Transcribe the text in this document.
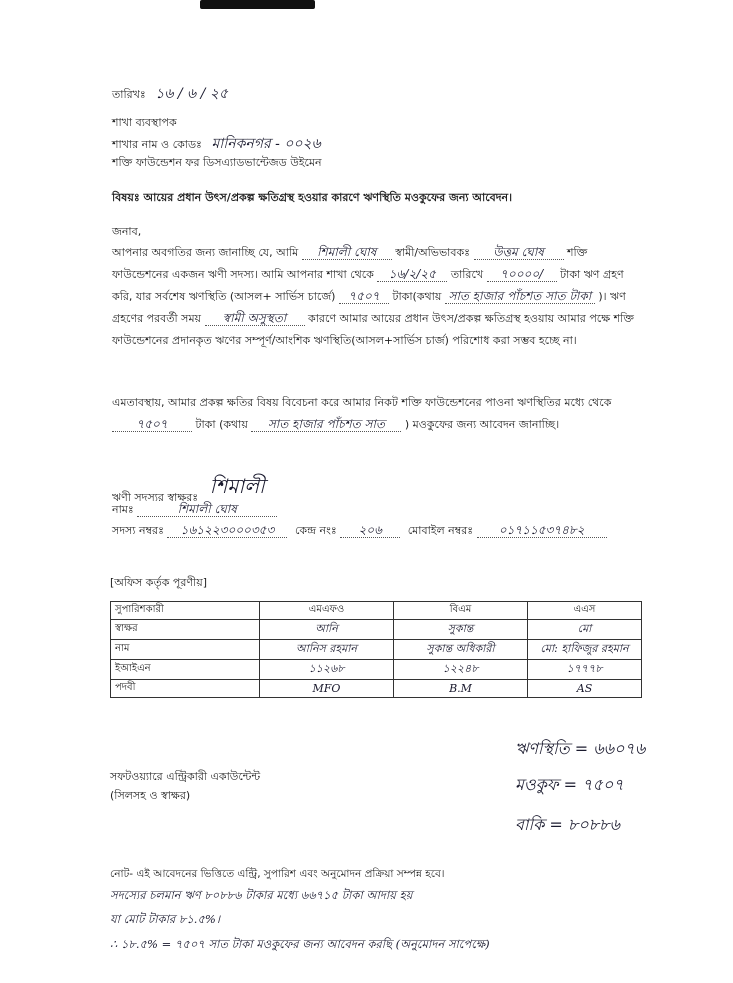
তারিখঃ ১৬ / ৬ / ২৫
শাখা ব্যবস্থাপক
শাখার নাম ও কোডঃ মানিকনগর - ০০২৬
শক্তি ফাউন্ডেশন ফর ডিসএ্যাডভান্টেজড উইমেন
বিষয়ঃ আয়ের প্রধান উৎস/প্রকল্প ক্ষতিগ্রস্থ হওয়ার কারণে ঋণস্থিতি মওকুফের জন্য আবেদন।
জনাব,
আপনার অবগতির জন্য জানাচ্ছি যে, আমি শিমালী ঘোষ স্বামী/অভিভাবকঃ উত্তম ঘোষ শক্তি ফাউন্ডেশনের একজন ঋণী সদস্য। আমি আপনার শাখা থেকে ১৬/২/২৫ তারিখে ৭০০০০/ টাকা ঋণ গ্রহণ করি, যার সর্বশেষ ঋণস্থিতি (আসল+ সার্ভিস চার্জে) ৭৫০৭ টাকা(কথায় সাত হাজার পাঁচশত সাত টাকা )। ঋণ গ্রহণের পরবর্তী সময় স্বামী অসুস্থতা কারণে আমার আয়ের প্রধান উৎস/প্রকল্প ক্ষতিগ্রস্থ হওয়ায় আমার পক্ষে শক্তি ফাউন্ডেশনের প্রদানকৃত ঋণের সম্পূর্ণ/আংশিক ঋণস্থিতি(আসল+সার্ভিস চার্জ) পরিশোধ করা সম্ভব হচ্ছে না।
এমতাবস্থায়, আমার প্রকল্প ক্ষতির বিষয় বিবেচনা করে আমার নিকট শক্তি ফাউন্ডেশনের পাওনা ঋণস্থিতির মধ্যে থেকে ৭৫০৭	টাকা (কথায় সাত হাজার পাঁচশত সাত ) মওকুফের জন্য আবেদন জানাচ্ছি।
ঋণী সদস্যর স্বাক্ষরঃ শিমালী
নামঃ	শিমালী ঘোষ
সদস্য নম্বরঃ ১৬১২২৩০০০৩৫৩ কেন্দ্র নংঃ ২০৬ মোবাইল নম্বরঃ ০১৭১১৫৩৭৪৮২
[অফিস কর্তৃক পূরণীয়]
সুপারিশকারী	এমএফও	বিএম	এএস
স্বাক্ষর	আনি	সুকান্ত	মো
নাম	আনিস রহমান	সুকান্ত অধিকারী	মো: হাফিজুর রহমান
ইআইএন	১১২৬৮	১২২৪৮	১৭৭৭৮
পদবী	MFO	B.M	AS
ঋণস্থিতি = ৬৬০৭৬
মওকুফ = ৭৫০৭
বাকি = ৮০৮৮৬
সফটওয়্যারে এন্ট্রিকারী একাউন্টেন্ট
(সিলসহ ও স্বাক্ষর)
নোট- এই আবেদনের ভিত্তিতে এন্ট্রি, সুপারিশ এবং অনুমোদন প্রক্রিয়া সম্পন্ন হবে।
সদস্যের চলমান ঋণ ৮০৮৮৬ টাকার মধ্যে ৬৬৭১৫ টাকা আদায় হয়
যা মোট টাকার ৮১.৫%।
∴ ১৮.৫% = ৭৫০৭ সাত টাকা মওকুফের জন্য আবেদন করছি (অনুমোদন সাপেক্ষে)
